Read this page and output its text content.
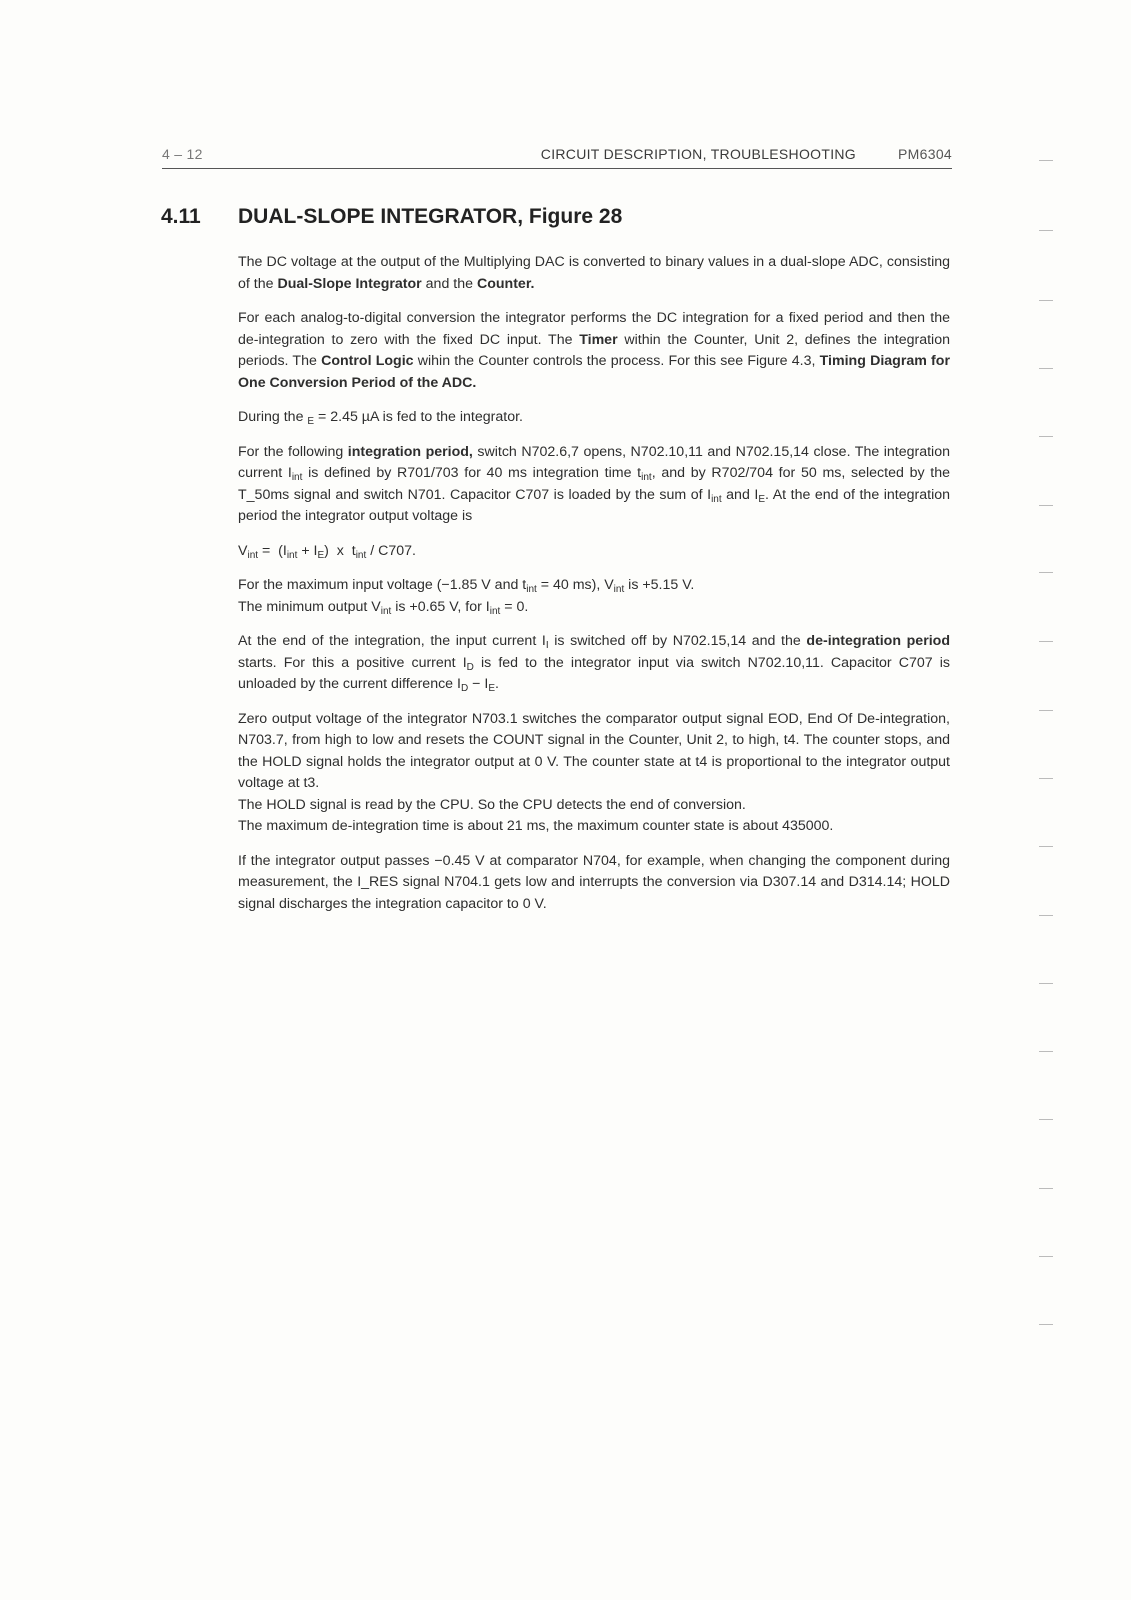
4 – 12	CIRCUIT DESCRIPTION, TROUBLESHOOTING	PM6304
4.11 DUAL-SLOPE INTEGRATOR, Figure 28

The DC voltage at the output of the Multiplying DAC is converted to binary values in a dual-slope ADC, consisting of the Dual-Slope Integrator and the Counter.

For each analog-to-digital conversion the integrator performs the DC integration for a fixed period and then the de-integration to zero with the fixed DC input. The Timer within the Counter, Unit 2, defines the integration periods. The Control Logic wihin the Counter controls the process. For this see Figure 4.3, Timing Diagram for One Conversion Period of the ADC.

During the $_E$ = 2.45 µA is fed to the integrator.

For the following integration period, switch N702.6,7 opens, N702.10,11 and N702.15,14 close. The integration current $I_{int}$ is defined by R701/703 for 40 ms integration time $t_{int}$, and by R702/704 for 50 ms, selected by the T_50ms signal and switch N701. Capacitor C707 is loaded by the sum of $I_{int}$ and $I_E$. At the end of the integration period the integrator output voltage is

$V_{int} = (I_{int} + I_E)$  x  $t_{int} / C707$.

For the maximum input voltage (−1.85 V and $t_{int} = 40$ ms), $V_{int}$ is +5.15 V.
The minimum output $V_{int}$ is +0.65 V, for $I_{int} = 0$.

At the end of the integration, the input current $I_I$ is switched off by N702.15,14 and the de-integration period starts. For this a positive current $I_D$ is fed to the integrator input via switch N702.10,11. Capacitor C707 is unloaded by the current difference $I_D - I_E$.

Zero output voltage of the integrator N703.1 switches the comparator output signal EOD, End Of De-integration, N703.7, from high to low and resets the COUNT signal in the Counter, Unit 2, to high, t4. The counter stops, and the HOLD signal holds the integrator output at 0 V. The counter state at t4 is proportional to the integrator output voltage at t3.
The HOLD signal is read by the CPU. So the CPU detects the end of conversion.
The maximum de-integration time is about 21 ms, the maximum counter state is about 435000.

If the integrator output passes −0.45 V at comparator N704, for example, when changing the component during measurement, the I_RES signal N704.1 gets low and interrupts the conversion via D307.14 and D314.14; HOLD signal discharges the integration capacitor to 0 V.
